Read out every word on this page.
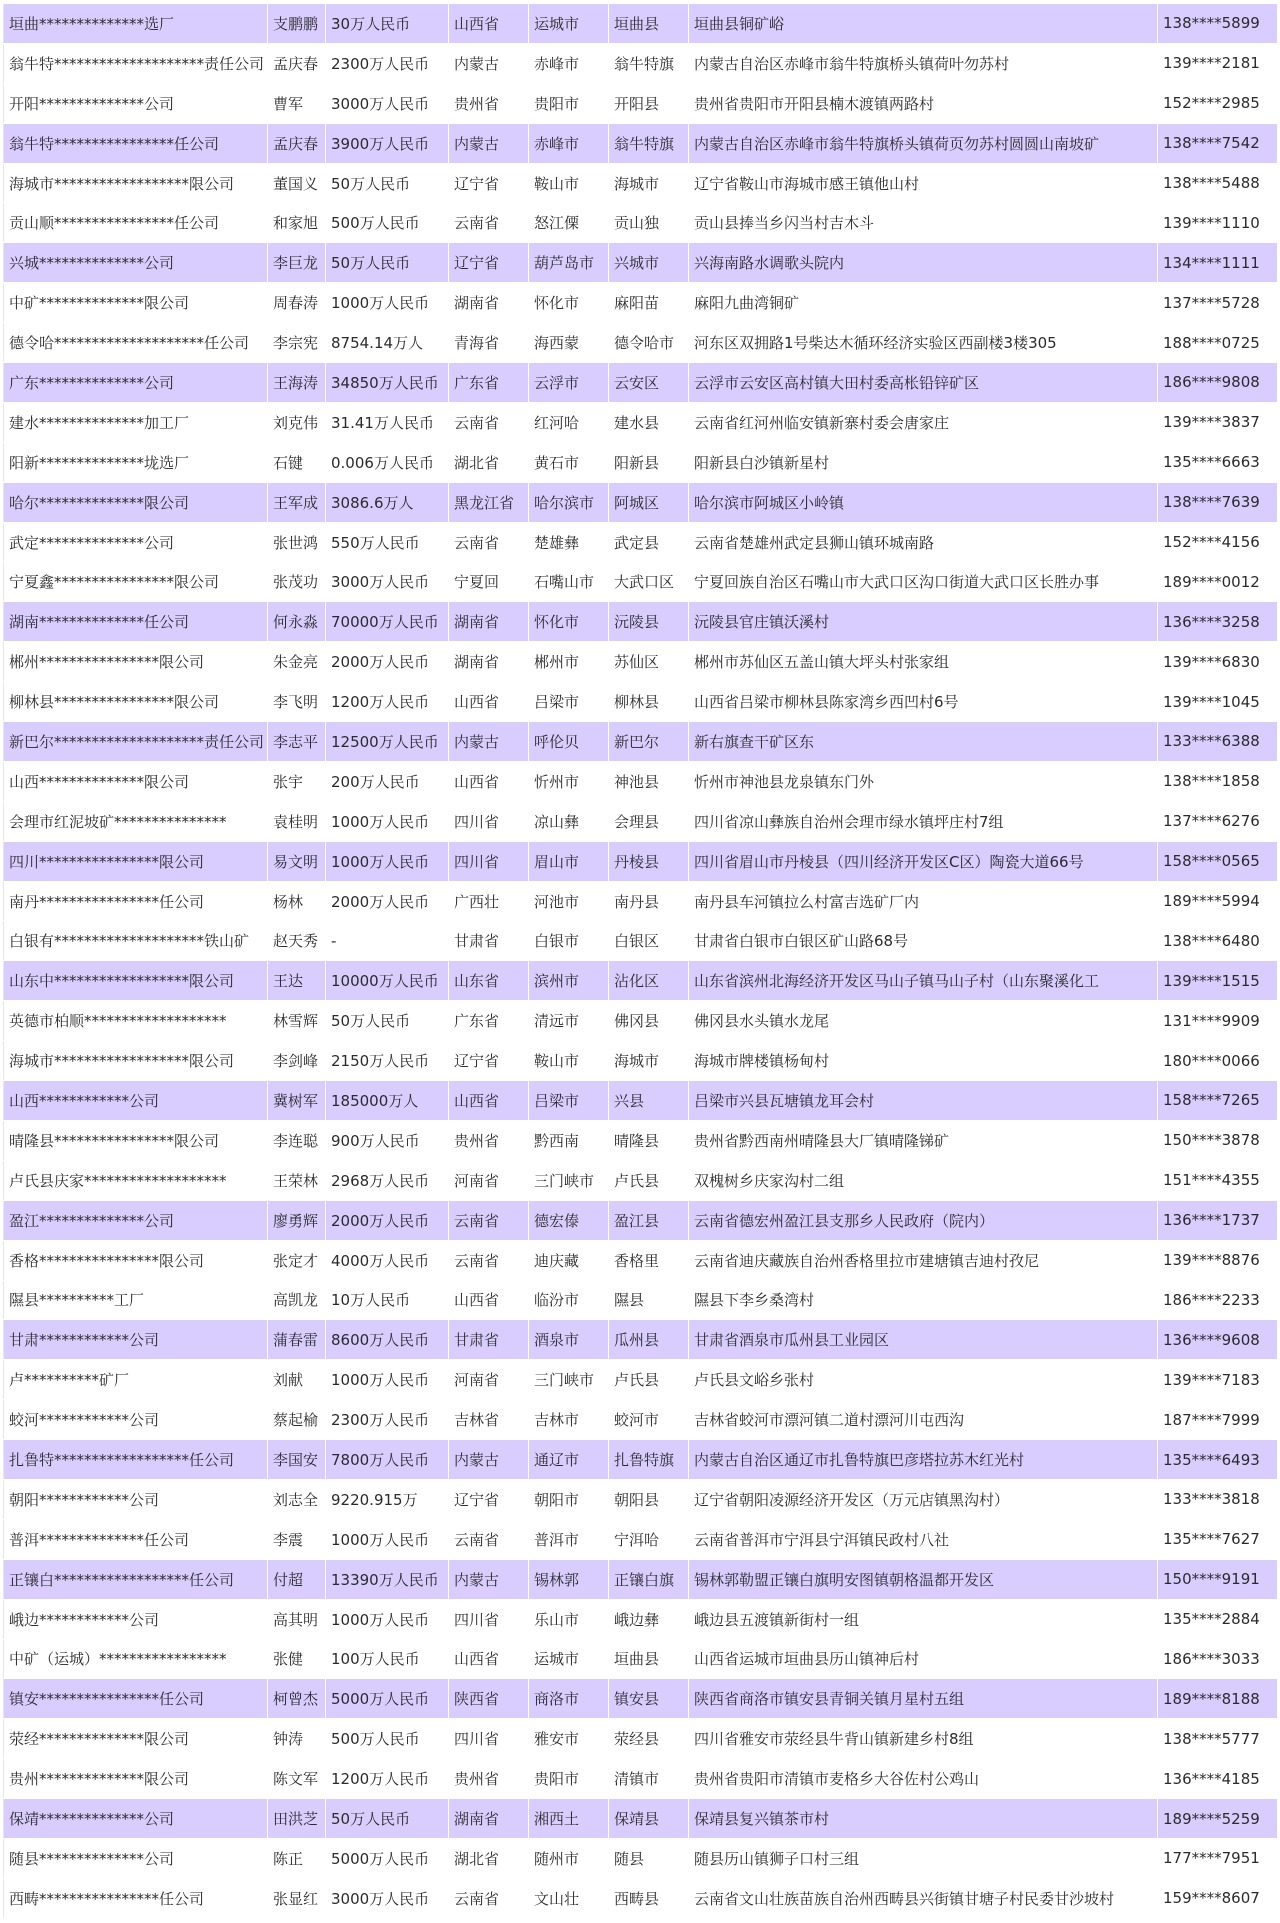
垣曲**************选厂	支鹏鹏	30万人民币	山西省	运城市	垣曲县	垣曲县铜矿峪	138****5899
翁牛特********************责任公司	孟庆春	2300万人民币	内蒙古	赤峰市	翁牛特旗	内蒙古自治区赤峰市翁牛特旗桥头镇荷叶勿苏村	139****2181
开阳**************公司	曹军	3000万人民币	贵州省	贵阳市	开阳县	贵州省贵阳市开阳县楠木渡镇两路村	152****2985
翁牛特****************任公司	孟庆春	3900万人民币	内蒙古	赤峰市	翁牛特旗	内蒙古自治区赤峰市翁牛特旗桥头镇荷页勿苏村圆圆山南坡矿	138****7542
海城市******************限公司	董国义	50万人民币	辽宁省	鞍山市	海城市	辽宁省鞍山市海城市感王镇他山村	138****5488
贡山顺****************任公司	和家旭	500万人民币	云南省	怒江傈	贡山独	贡山县捧当乡闪当村吉木斗	139****1110
兴城**************公司	李巨龙	50万人民币	辽宁省	葫芦岛市	兴城市	兴海南路水调歌头院内	134****1111
中矿**************限公司	周春涛	1000万人民币	湖南省	怀化市	麻阳苗	麻阳九曲湾铜矿	137****5728
德令哈********************任公司	李宗宪	8754.14万人	青海省	海西蒙	德令哈市	河东区双拥路1号柴达木循环经济实验区西副楼3楼305	188****0725
广东**************公司	王海涛	34850万人民币	广东省	云浮市	云安区	云浮市云安区高村镇大田村委高枨铅锌矿区	186****9808
建水**************加工厂	刘克伟	31.41万人民币	云南省	红河哈	建水县	云南省红河州临安镇新寨村委会唐家庄	139****3837
阳新**************垅选厂	石键	0.006万人民币	湖北省	黄石市	阳新县	阳新县白沙镇新星村	135****6663
哈尔**************限公司	王军成	3086.6万人	黑龙江省	哈尔滨市	阿城区	哈尔滨市阿城区小岭镇	138****7639
武定**************公司	张世鸿	550万人民币	云南省	楚雄彝	武定县	云南省楚雄州武定县狮山镇环城南路	152****4156
宁夏鑫****************限公司	张茂功	3000万人民币	宁夏回	石嘴山市	大武口区	宁夏回族自治区石嘴山市大武口区沟口街道大武口区长胜办事	189****0012
湖南**************任公司	何永淼	70000万人民币	湖南省	怀化市	沅陵县	沅陵县官庄镇沃溪村	136****3258
郴州****************限公司	朱金亮	2000万人民币	湖南省	郴州市	苏仙区	郴州市苏仙区五盖山镇大坪头村张家组	139****6830
柳林县****************限公司	李飞明	1200万人民币	山西省	吕梁市	柳林县	山西省吕梁市柳林县陈家湾乡西凹村6号	139****1045
新巴尔********************责任公司	李志平	12500万人民币	内蒙古	呼伦贝	新巴尔	新右旗查干矿区东	133****6388
山西**************限公司	张宇	200万人民币	山西省	忻州市	神池县	忻州市神池县龙泉镇东门外	138****1858
会理市红泥坡矿***************	袁桂明	1000万人民币	四川省	凉山彝	会理县	四川省凉山彝族自治州会理市绿水镇坪庄村7组	137****6276
四川****************限公司	易文明	1000万人民币	四川省	眉山市	丹棱县	四川省眉山市丹棱县（四川经济开发区C区）陶瓷大道66号	158****0565
南丹****************任公司	杨林	2000万人民币	广西壮	河池市	南丹县	南丹县车河镇拉么村富吉选矿厂内	189****5994
白银有********************铁山矿	赵天秀	-	甘肃省	白银市	白银区	甘肃省白银市白银区矿山路68号	138****6480
山东中******************限公司	王达	10000万人民币	山东省	滨州市	沾化区	山东省滨州北海经济开发区马山子镇马山子村（山东聚溪化工	139****1515
英德市柏顺*******************	林雪辉	50万人民币	广东省	清远市	佛冈县	佛冈县水头镇水龙尾	131****9909
海城市******************限公司	李剑峰	2150万人民币	辽宁省	鞍山市	海城市	海城市牌楼镇杨甸村	180****0066
山西************公司	冀树军	185000万人	山西省	吕梁市	兴县	吕梁市兴县瓦塘镇龙耳会村	158****7265
晴隆县****************限公司	李连聪	900万人民币	贵州省	黔西南	晴隆县	贵州省黔西南州晴隆县大厂镇晴隆锑矿	150****3878
卢氏县庆家*******************	王荣林	2968万人民币	河南省	三门峡市	卢氏县	双槐树乡庆家沟村二组	151****4355
盈江**************公司	廖勇辉	2000万人民币	云南省	德宏傣	盈江县	云南省德宏州盈江县支那乡人民政府（院内）	136****1737
香格****************限公司	张定才	4000万人民币	云南省	迪庆藏	香格里	云南省迪庆藏族自治州香格里拉市建塘镇吉迪村孜尼	139****8876
隰县**********工厂	高凯龙	10万人民币	山西省	临汾市	隰县	隰县下李乡桑湾村	186****2233
甘肃************公司	蒲春雷	8600万人民币	甘肃省	酒泉市	瓜州县	甘肃省酒泉市瓜州县工业园区	136****9608
卢**********矿厂	刘献	1000万人民币	河南省	三门峡市	卢氏县	卢氏县文峪乡张村	139****7183
蛟河************公司	蔡起榆	2300万人民币	吉林省	吉林市	蛟河市	吉林省蛟河市漂河镇二道村漂河川屯西沟	187****7999
扎鲁特******************任公司	李国安	7800万人民币	内蒙古	通辽市	扎鲁特旗	内蒙古自治区通辽市扎鲁特旗巴彦塔拉苏木红光村	135****6493
朝阳************公司	刘志全	9220.915万	辽宁省	朝阳市	朝阳县	辽宁省朝阳凌源经济开发区（万元店镇黑沟村）	133****3818
普洱**************任公司	李震	1000万人民币	云南省	普洱市	宁洱哈	云南省普洱市宁洱县宁洱镇民政村八社	135****7627
正镶白******************任公司	付超	13390万人民币	内蒙古	锡林郭	正镶白旗	锡林郭勒盟正镶白旗明安图镇朝格温都开发区	150****9191
峨边************公司	高其明	1000万人民币	四川省	乐山市	峨边彝	峨边县五渡镇新街村一组	135****2884
中矿（运城）*****************	张健	100万人民币	山西省	运城市	垣曲县	山西省运城市垣曲县历山镇神后村	186****3033
镇安****************任公司	柯曾杰	5000万人民币	陕西省	商洛市	镇安县	陕西省商洛市镇安县青铜关镇月星村五组	189****8188
荥经**************限公司	钟涛	500万人民币	四川省	雅安市	荥经县	四川省雅安市荥经县牛背山镇新建乡村8组	138****5777
贵州**************限公司	陈文军	1200万人民币	贵州省	贵阳市	清镇市	贵州省贵阳市清镇市麦格乡大谷佐村公鸡山	136****4185
保靖**************公司	田洪芝	50万人民币	湖南省	湘西土	保靖县	保靖县复兴镇茶市村	189****5259
随县**************公司	陈正	5000万人民币	湖北省	随州市	随县	随县历山镇狮子口村三组	177****7951
西畴****************任公司	张显红	3000万人民币	云南省	文山壮	西畴县	云南省文山壮族苗族自治州西畴县兴街镇甘塘子村民委甘沙坡村	159****8607
